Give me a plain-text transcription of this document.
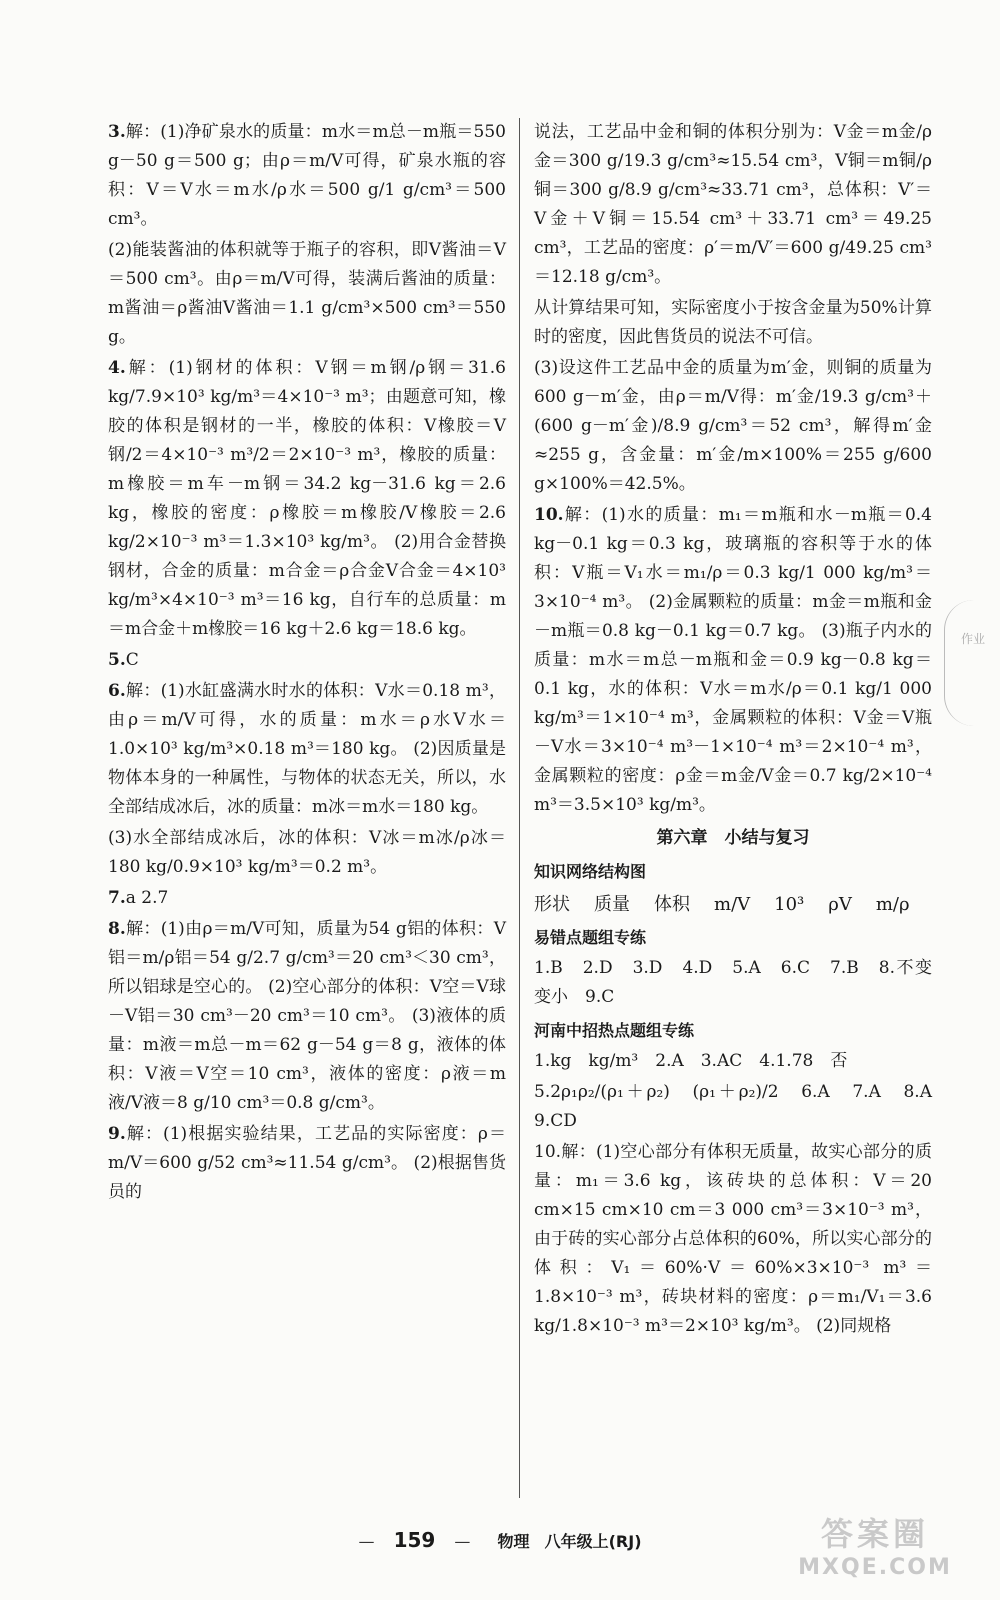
3.解：(1)净矿泉水的质量：m水＝m总－m瓶＝550 g－50 g＝500 g；由ρ＝m/V可得，矿泉水瓶的容积：V＝V水＝m水/ρ水＝500 g/1 g/cm³＝500 cm³。

(2)能装酱油的体积就等于瓶子的容积，即V酱油＝V＝500 cm³。由ρ＝m/V可得，装满后酱油的质量：m酱油＝ρ酱油V酱油＝1.1 g/cm³×500 cm³＝550 g。

4.解：(1)钢材的体积：V钢＝m钢/ρ钢＝31.6 kg/7.9×10³ kg/m³＝4×10⁻³ m³；由题意可知，橡胶的体积是钢材的一半，橡胶的体积：V橡胶＝V钢/2＝4×10⁻³ m³/2＝2×10⁻³ m³，橡胶的质量：m橡胶＝m车－m钢＝34.2 kg－31.6 kg＝2.6 kg，橡胶的密度：ρ橡胶＝m橡胶/V橡胶＝2.6 kg/2×10⁻³ m³＝1.3×10³ kg/m³。 (2)用合金替换钢材，合金的质量：m合金＝ρ合金V合金＝4×10³ kg/m³×4×10⁻³ m³＝16 kg，自行车的总质量：m＝m合金＋m橡胶＝16 kg＋2.6 kg＝18.6 kg。

5.C

6.解：(1)水缸盛满水时水的体积：V水＝0.18 m³，由ρ＝m/V可得，水的质量：m水＝ρ水V水＝1.0×10³ kg/m³×0.18 m³＝180 kg。 (2)因质量是物体本身的一种属性，与物体的状态无关，所以，水全部结成冰后，冰的质量：m冰＝m水＝180 kg。

(3)水全部结成冰后，冰的体积：V冰＝m冰/ρ冰＝180 kg/0.9×10³ kg/m³＝0.2 m³。

7.a 2.7

8.解：(1)由ρ＝m/V可知，质量为54 g铝的体积：V铝＝m/ρ铝＝54 g/2.7 g/cm³＝20 cm³＜30 cm³，所以铝球是空心的。 (2)空心部分的体积：V空＝V球－V铝＝30 cm³－20 cm³＝10 cm³。 (3)液体的质量：m液＝m总－m＝62 g－54 g＝8 g，液体的体积：V液＝V空＝10 cm³，液体的密度：ρ液＝m液/V液＝8 g/10 cm³＝0.8 g/cm³。

9.解：(1)根据实验结果，工艺品的实际密度：ρ＝m/V＝600 g/52 cm³≈11.54 g/cm³。 (2)根据售货员的

说法，工艺品中金和铜的体积分别为：V金＝m金/ρ金＝300 g/19.3 g/cm³≈15.54 cm³，V铜＝m铜/ρ铜＝300 g/8.9 g/cm³≈33.71 cm³，总体积：V′＝V金＋V铜＝15.54 cm³＋33.71 cm³＝49.25 cm³，工艺品的密度：ρ′＝m/V′＝600 g/49.25 cm³＝12.18 g/cm³。

从计算结果可知，实际密度小于按含金量为50%计算时的密度，因此售货员的说法不可信。

(3)设这件工艺品中金的质量为m′金，则铜的质量为600 g－m′金，由ρ＝m/V得：m′金/19.3 g/cm³＋(600 g－m′金)/8.9 g/cm³＝52 cm³，解得m′金≈255 g，含金量：m′金/m×100%＝255 g/600 g×100%＝42.5%。

10.解：(1)水的质量：m₁＝m瓶和水－m瓶＝0.4 kg－0.1 kg＝0.3 kg，玻璃瓶的容积等于水的体积：V瓶＝V₁水＝m₁/ρ＝0.3 kg/1 000 kg/m³＝3×10⁻⁴ m³。 (2)金属颗粒的质量：m金＝m瓶和金－m瓶＝0.8 kg－0.1 kg＝0.7 kg。 (3)瓶子内水的质量：m水＝m总－m瓶和金＝0.9 kg－0.8 kg＝0.1 kg，水的体积：V水＝m水/ρ＝0.1 kg/1 000 kg/m³＝1×10⁻⁴ m³，金属颗粒的体积：V金＝V瓶－V水＝3×10⁻⁴ m³－1×10⁻⁴ m³＝2×10⁻⁴ m³，金属颗粒的密度：ρ金＝m金/V金＝0.7 kg/2×10⁻⁴ m³＝3.5×10³ kg/m³。

第六章　小结与复习
知识网络结构图
形状 质量 体积 m/V 10³ ρV m/ρ
易错点题组专练

1.B　2.D　3.D　4.D　5.A　6.C　7.B　8.不变　变小　9.C

河南中招热点题组专练

1.kg　kg/m³　2.A　3.AC　4.1.78　否

5.2ρ₁ρ₂/(ρ₁＋ρ₂)　(ρ₁＋ρ₂)/2　6.A　7.A　8.A　9.CD

10.解：(1)空心部分有体积无质量，故实心部分的质量：m₁＝3.6 kg，该砖块的总体积：V＝20 cm×15 cm×10 cm＝3 000 cm³＝3×10⁻³ m³，由于砖的实心部分占总体积的60%，所以实心部分的体积：V₁＝60%·V＝60%×3×10⁻³ m³＝1.8×10⁻³ m³，砖块材料的密度：ρ＝m₁/V₁＝3.6 kg/1.8×10⁻³ m³＝2×10³ kg/m³。 (2)同规格

作业
— 159 — 物理 八年级上(RJ)	答案圈
MXQE.COM
